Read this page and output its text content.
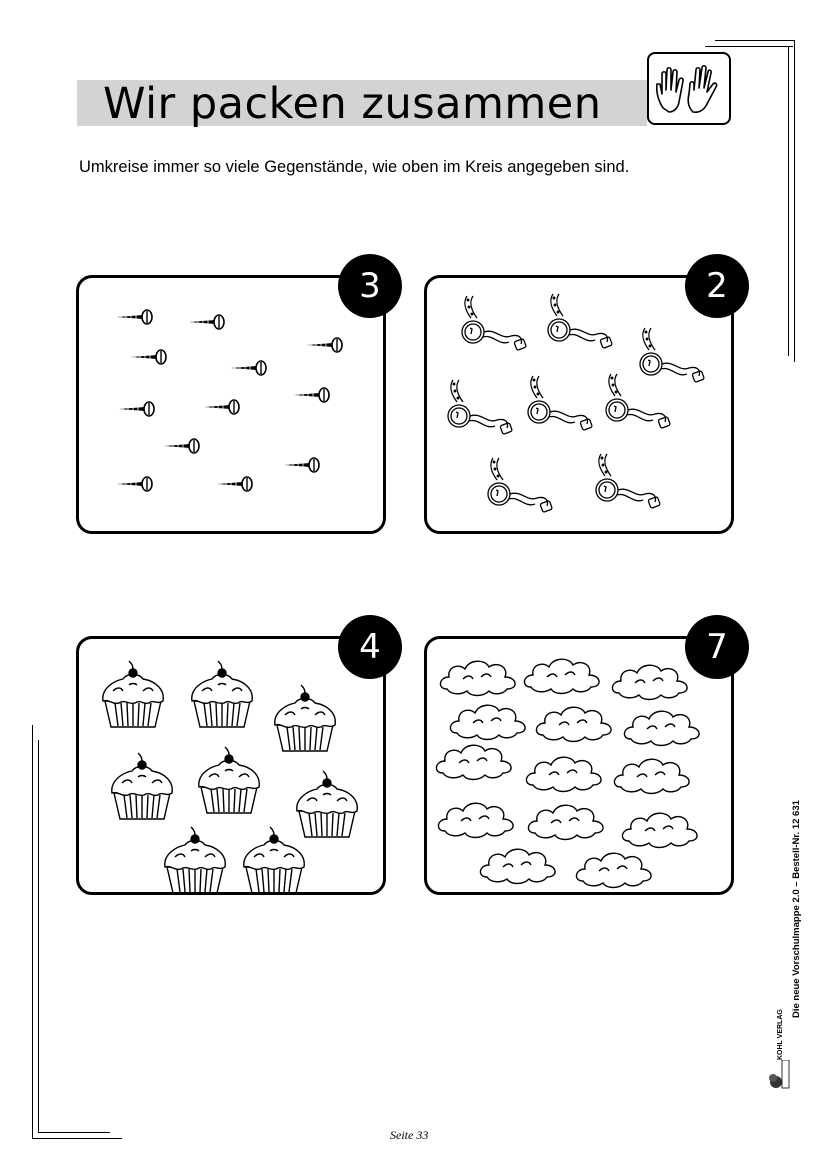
Wir packen zusammen

Umkreise immer so viele Gegenstände, wie oben im Kreis angegeben sind.

3	2
4	7
Die neue Vorschulmappe 2.0 – Bestell-Nr. 12 631
KOHL VERLAG
Seite 33
